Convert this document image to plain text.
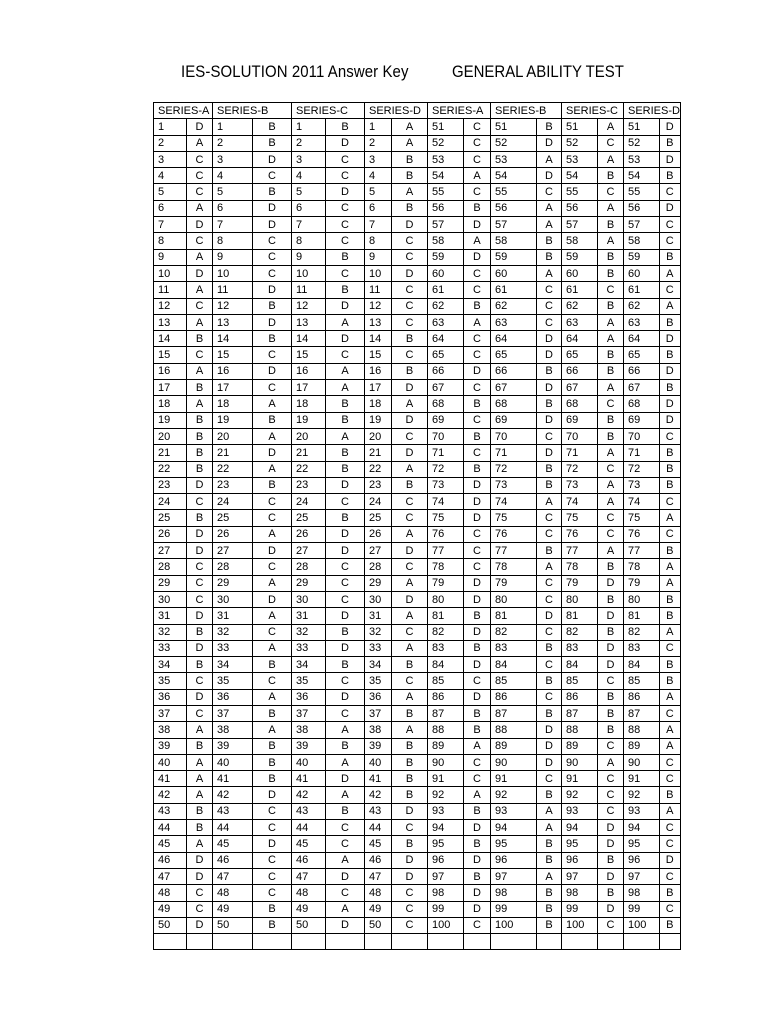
IES-SOLUTION 2011 Answer Key	GENERAL ABILITY TEST
SERIES-A		SERIES-B		SERIES-C		SERIES-D		SERIES-A		SERIES-B		SERIES-C		SERIES-D	
1	D	1	B	1	B	1	A	51	C	51	B	51	A	51	D
2	A	2	B	2	D	2	A	52	C	52	D	52	C	52	B
3	C	3	D	3	C	3	B	53	C	53	A	53	A	53	D
4	C	4	C	4	C	4	B	54	A	54	D	54	B	54	B
5	C	5	B	5	D	5	A	55	C	55	C	55	C	55	C
6	A	6	D	6	C	6	B	56	B	56	A	56	A	56	D
7	D	7	D	7	C	7	D	57	D	57	A	57	B	57	C
8	C	8	C	8	C	8	C	58	A	58	B	58	A	58	C
9	A	9	C	9	B	9	C	59	D	59	B	59	B	59	B
10	D	10	C	10	C	10	D	60	C	60	A	60	B	60	A
11	A	11	D	11	B	11	C	61	C	61	C	61	C	61	C
12	C	12	B	12	D	12	C	62	B	62	C	62	B	62	A
13	A	13	D	13	A	13	C	63	A	63	C	63	A	63	B
14	B	14	B	14	D	14	B	64	C	64	D	64	A	64	D
15	C	15	C	15	C	15	C	65	C	65	D	65	B	65	B
16	A	16	D	16	A	16	B	66	D	66	B	66	B	66	D
17	B	17	C	17	A	17	D	67	C	67	D	67	A	67	B
18	A	18	A	18	B	18	A	68	B	68	B	68	C	68	D
19	B	19	B	19	B	19	D	69	C	69	D	69	B	69	D
20	B	20	A	20	A	20	C	70	B	70	C	70	B	70	C
21	B	21	D	21	B	21	D	71	C	71	D	71	A	71	B
22	B	22	A	22	B	22	A	72	B	72	B	72	C	72	B
23	D	23	B	23	D	23	B	73	D	73	B	73	A	73	B
24	C	24	C	24	C	24	C	74	D	74	A	74	A	74	C
25	B	25	C	25	B	25	C	75	D	75	C	75	C	75	A
26	D	26	A	26	D	26	A	76	C	76	C	76	C	76	C
27	D	27	D	27	D	27	D	77	C	77	B	77	A	77	B
28	C	28	C	28	C	28	C	78	C	78	A	78	B	78	A
29	C	29	A	29	C	29	A	79	D	79	C	79	D	79	A
30	C	30	D	30	C	30	D	80	D	80	C	80	B	80	B
31	D	31	A	31	D	31	A	81	B	81	D	81	D	81	B
32	B	32	C	32	B	32	C	82	D	82	C	82	B	82	A
33	D	33	A	33	D	33	A	83	B	83	B	83	D	83	C
34	B	34	B	34	B	34	B	84	D	84	C	84	D	84	B
35	C	35	C	35	C	35	C	85	C	85	B	85	C	85	B
36	D	36	A	36	D	36	A	86	D	86	C	86	B	86	A
37	C	37	B	37	C	37	B	87	B	87	B	87	B	87	C
38	A	38	A	38	A	38	A	88	B	88	D	88	B	88	A
39	B	39	B	39	B	39	B	89	A	89	D	89	C	89	A
40	A	40	B	40	A	40	B	90	C	90	D	90	A	90	C
41	A	41	B	41	D	41	B	91	C	91	C	91	C	91	C
42	A	42	D	42	A	42	B	92	A	92	B	92	C	92	B
43	B	43	C	43	B	43	D	93	B	93	A	93	C	93	A
44	B	44	C	44	C	44	C	94	D	94	A	94	D	94	C
45	A	45	D	45	C	45	B	95	B	95	B	95	D	95	C
46	D	46	C	46	A	46	D	96	D	96	B	96	B	96	D
47	D	47	C	47	D	47	D	97	B	97	A	97	D	97	C
48	C	48	C	48	C	48	C	98	D	98	B	98	B	98	B
49	C	49	B	49	A	49	C	99	D	99	B	99	D	99	C
50	D	50	B	50	D	50	C	100	C	100	B	100	C	100	B
